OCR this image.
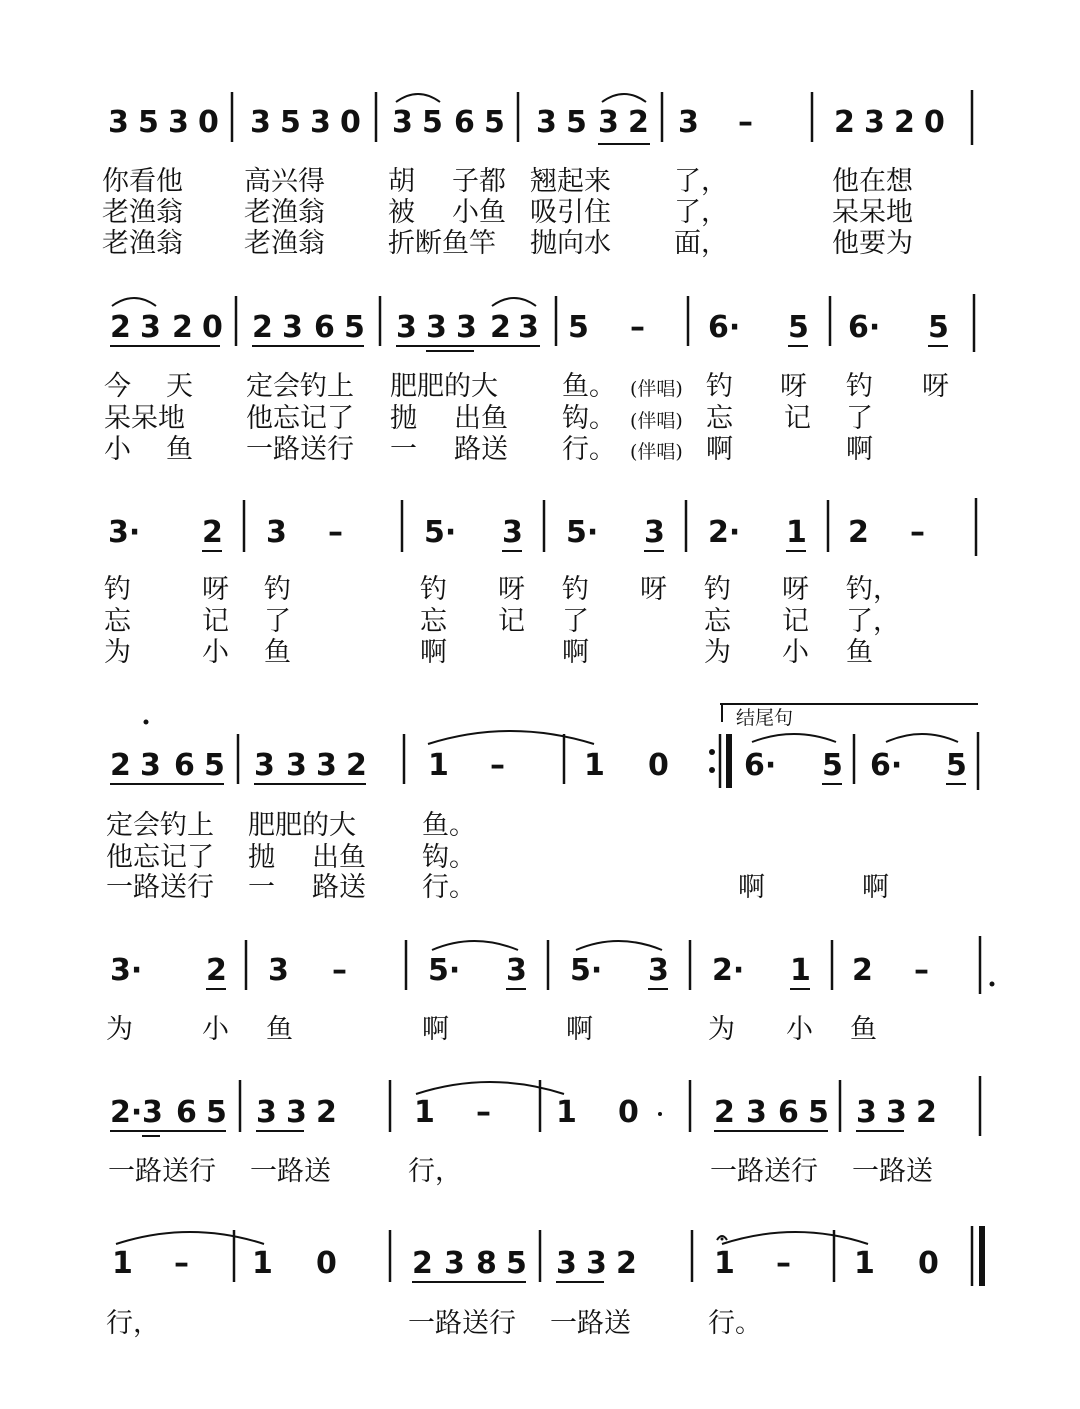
3 5 3 0 3 5 3 0 3 5 6 5 3 5 3 2 3 –	2 3 2 0
你看他 高兴得 胡 子都 翘起来 了，	他在想
老渔翁 老渔翁 被 小鱼 吸引住 了，	呆呆地
老渔翁 老渔翁 折断鱼竿 抛向水 面，	他要为
2 3 2 0 2 3 6 5 3 3 3 2 3 5 – 6· 5 6· 5
今 天 定会钓上 肥肥的大 鱼。 (伴唱) 钓 呀 钓 呀
呆呆地 他忘记了 抛 出鱼 钩。 (伴唱) 忘 记 了
小 鱼 一路送行 一 路送 行。 (伴唱) 啊	啊
3· 2 3 –	5· 3 5· 3 2· 1 2 –
钓	呀 钓	钓 呀 钓 呀 钓 呀 钓，
忘	记 了	忘 记 了	忘 记 了，
为	小 鱼	啊	啊	为 小 鱼
结尾句
2 3 6 5 3 3 3 2 1 –	1 0	6· 5 6· 5
定会钓上 肥肥的大 鱼。
他忘记了 抛 出鱼 钩。
一路送行 一 路送 行。	啊	啊
3· 2 3 –	5· 3 5· 3 2· 1 2 –
为	小 鱼	啊	啊	为 小 鱼
2· 3 6 5 3 3 2	1 – 1 0	2 3 6 5 3 3 2
一路送行 一路送	行，	一路送行 一路送
1 – 1 0	2 3 8 5 3 3 2	1 – 1 0
行，	一路送行 一路送	行。
